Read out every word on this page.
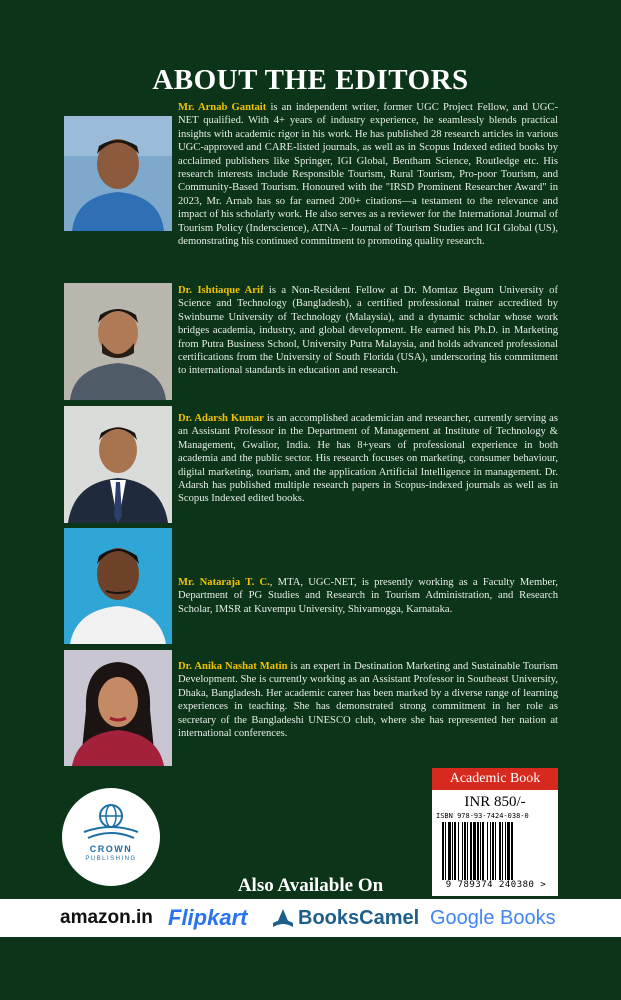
ABOUT THE EDITORS
Mr. Arnab Gantait is an independent writer, former UGC Project Fellow, and UGC-NET qualified. With 4+ years of industry experience, he seamlessly blends practical insights with academic rigor in his work. He has published 28 research articles in various UGC-approved and CARE-listed journals, as well as in Scopus Indexed edited books by acclaimed publishers like Springer, IGI Global, Bentham Science, Routledge etc. His research interests include Responsible Tourism, Rural Tourism, Pro-poor Tourism, and Community-Based Tourism. Honoured with the "IRSD Prominent Researcher Award" in 2023, Mr. Arnab has so far earned 200+ citations—a testament to the relevance and impact of his scholarly work. He also serves as a reviewer for the International Journal of Tourism Policy (Inderscience), ATNA – Journal of Tourism Studies and IGI Global (US), demonstrating his continued commitment to promoting quality research.
Dr. Ishtiaque Arif is a Non-Resident Fellow at Dr. Momtaz Begum University of Science and Technology (Bangladesh), a certified professional trainer accredited by Swinburne University of Technology (Malaysia), and a dynamic scholar whose work bridges academia, industry, and global development. He earned his Ph.D. in Marketing from Putra Business School, University Putra Malaysia, and holds advanced professional certifications from the University of South Florida (USA), underscoring his commitment to international standards in education and research.
Dr. Adarsh Kumar is an accomplished academician and researcher, currently serving as an Assistant Professor in the Department of Management at Institute of Technology & Management, Gwalior, India. He has 8+years of professional experience in both academia and the public sector. His research focuses on marketing, consumer behaviour, digital marketing, tourism, and the application Artificial Intelligence in management. Dr. Adarsh has published multiple research papers in Scopus-indexed journals as well as in Scopus Indexed edited books.
Mr. Nataraja T. C., MTA, UGC-NET, is presently working as a Faculty Member, Department of PG Studies and Research in Tourism Administration, and Research Scholar, IMSR at Kuvempu University, Shivamogga, Karnataka.
Dr. Anika Nashat Matin is an expert in Destination Marketing and Sustainable Tourism Development. She is currently working as an Assistant Professor in Southeast University, Dhaka, Bangladesh. Her academic career has been marked by a diverse range of learning experiences in teaching. She has demonstrated strong commitment in her role as secretary of the Bangladeshi UNESCO club, where she has represented her nation at international conferences.
CROWN
PUBLISHING
Academic Book
INR 850/-
ISBN 978-93-7424-038-0
9 789374 240380 >
Also Available On
amazon.in Flipkart	BooksCamel Google Books
